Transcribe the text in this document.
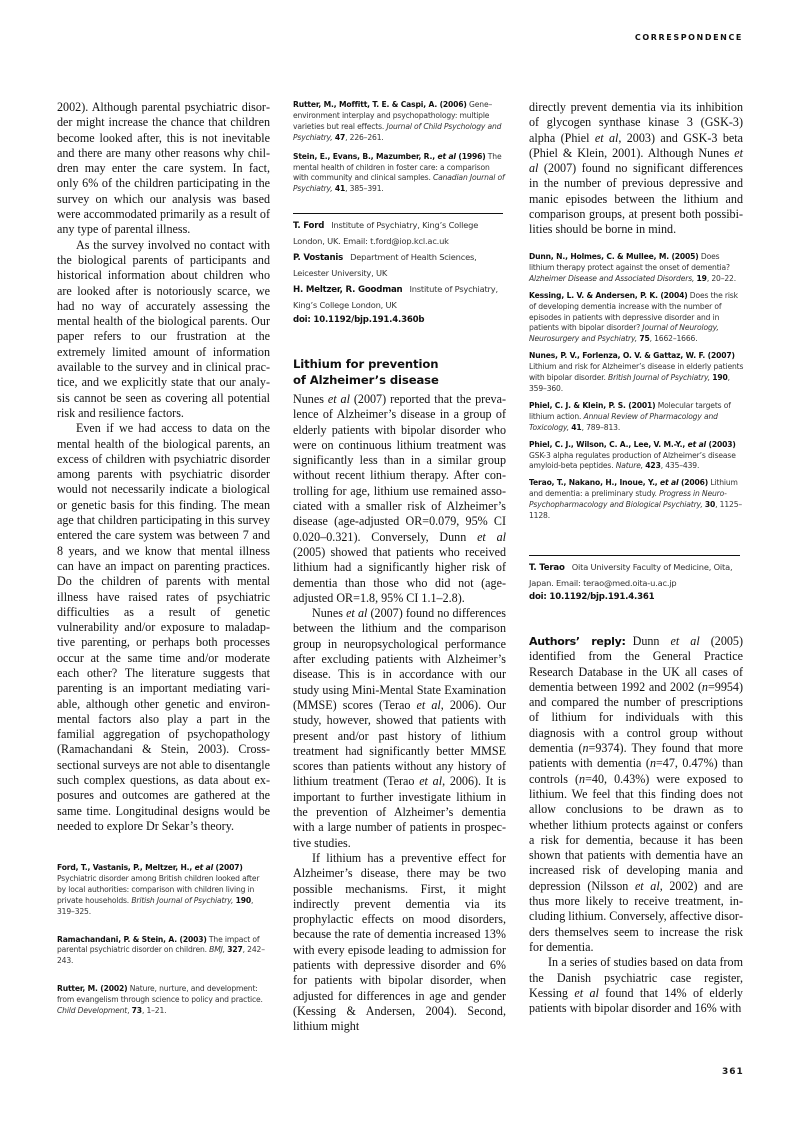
CORRESPONDENCE

2002). Although parental psychiatric disorder might increase the chance that children become looked after, this is not inevitable and there are many other reasons why children may enter the care system. In fact, only 6% of the children participating in the survey on which our analysis was based were accommodated primarily as a result of any type of parental illness.

As the survey involved no contact with the biological parents of participants and historical information about children who are looked after is notoriously scarce, we had no way of accurately assessing the mental health of the biological parents. Our paper refers to our frustration at the extremely limited amount of information available to the survey and in clinical practice, and we explicitly state that our analysis cannot be seen as covering all potential risk and resilience factors.

Even if we had access to data on the mental health of the biological parents, an excess of children with psychiatric disorder among parents with psychiatric disorder would not necessarily indicate a biological or genetic basis for this finding. The mean age that children participating in this survey entered the care system was between 7 and 8 years, and we know that mental illness can have an impact on parenting practices. Do the children of parents with mental illness have raised rates of psychiatric difficulties as a result of genetic vulnerability and/or exposure to maladaptive parenting, or perhaps both processes occur at the same time and/or moderate each other? The literature suggests that parenting is an important mediating variable, although other genetic and environmental factors also play a part in the familial aggregation of psychopathology (Ramachandani & Stein, 2003). Cross-sectional surveys are not able to disentangle such complex questions, as data about exposures and outcomes are gathered at the same time. Longitudinal designs would be needed to explore Dr Sekar’s theory.

Ford, T., Vastanis, P., Meltzer, H., et al (2007) Psychiatric disorder among British children looked after by local authorities: comparison with children living in private households. British Journal of Psychiatry, 190, 319–325.

Ramachandani, P. & Stein, A. (2003) The impact of parental psychiatric disorder on children. BMJ, 327, 242–243.

Rutter, M. (2002) Nature, nurture, and development: from evangelism through science to policy and practice. Child Development, 73, 1–21.

Rutter, M., Moffitt, T. E. & Caspi, A. (2006) Gene–environment interplay and psychopathology: multiple varieties but real effects. Journal of Child Psychology and Psychiatry, 47, 226–261.

Stein, E., Evans, B., Mazumber, R., et al (1996) The mental health of children in foster care: a comparison with community and clinical samples. Canadian Journal of Psychiatry, 41, 385–391.

T. Ford Institute of Psychiatry, King’s College London, UK. Email: t.ford@iop.kcl.ac.uk

P. Vostanis Department of Health Sciences, Leicester University, UK

H. Meltzer, R. Goodman Institute of Psychiatry, King’s College London, UK

doi: 10.1192/bjp.191.4.360b

Lithium for prevention

of Alzheimer’s disease

Nunes et al (2007) reported that the prevalence of Alzheimer’s disease in a group of elderly patients with bipolar disorder who were on continuous lithium treatment was significantly less than in a similar group without recent lithium therapy. After controlling for age, lithium use remained associated with a smaller risk of Alzheimer’s disease (age-adjusted OR=0.079, 95% CI 0.020–0.321). Conversely, Dunn et al (2005) showed that patients who received lithium had a significantly higher risk of dementia than those who did not (age-adjusted OR=1.8, 95% CI 1.1–2.8).

Nunes et al (2007) found no differences between the lithium and the comparison group in neuropsychological performance after excluding patients with Alzheimer’s disease. This is in accordance with our study using Mini-Mental State Examination (MMSE) scores (Terao et al, 2006). Our study, however, showed that patients with present and/or past history of lithium treatment had significantly better MMSE scores than patients without any history of lithium treatment (Terao et al, 2006). It is important to further investigate lithium in the prevention of Alzheimer’s dementia with a large number of patients in prospective studies.

If lithium has a preventive effect for Alzheimer’s disease, there may be two possible mechanisms. First, it might indirectly prevent dementia via its prophylactic effects on mood disorders, because the rate of dementia increased 13% with every episode leading to admission for patients with depressive disorder and 6% for patients with bipolar disorder, when adjusted for differences in age and gender (Kessing & Andersen, 2004). Second, lithium might

directly prevent dementia via its inhibition of glycogen synthase kinase 3 (GSK-3) alpha (Phiel et al, 2003) and GSK-3 beta (Phiel & Klein, 2001). Although Nunes et al (2007) found no significant differences in the number of previous depressive and manic episodes between the lithium and comparison groups, at present both possibilities should be borne in mind.

Dunn, N., Holmes, C. & Mullee, M. (2005) Does lithium therapy protect against the onset of dementia? Alzheimer Disease and Associated Disorders, 19, 20–22.

Kessing, L. V. & Andersen, P. K. (2004) Does the risk of developing dementia increase with the number of episodes in patients with depressive disorder and in patients with bipolar disorder? Journal of Neurology, Neurosurgery and Psychiatry, 75, 1662–1666.

Nunes, P. V., Forlenza, O. V. & Gattaz, W. F. (2007) Lithium and risk for Alzheimer’s disease in elderly patients with bipolar disorder. British Journal of Psychiatry, 190, 359–360.

Phiel, C. J. & Klein, P. S. (2001) Molecular targets of lithium action. Annual Review of Pharmacology and Toxicology, 41, 789–813.

Phiel, C. J., Wilson, C. A., Lee, V. M.-Y., et al (2003) GSK-3 alpha regulates production of Alzheimer’s disease amyloid-beta peptides. Nature, 423, 435–439.

Terao, T., Nakano, H., Inoue, Y., et al (2006) Lithium and dementia: a preliminary study. Progress in Neuro-Psychopharmacology and Biological Psychiatry, 30, 1125–1128.

T. Terao Oita University Faculty of Medicine, Oita, Japan. Email: terao@med.oita-u.ac.jp

doi: 10.1192/bjp.191.4.361

Authors’ reply: Dunn et al (2005) identified from the General Practice Research Database in the UK all cases of dementia between 1992 and 2002 (n=9954) and compared the number of prescriptions of lithium for individuals with this diagnosis with a control group without dementia (n=9374). They found that more patients with dementia (n=47, 0.47%) than controls (n=40, 0.43%) were exposed to lithium. We feel that this finding does not allow conclusions to be drawn as to whether lithium protects against or confers a risk for dementia, because it has been shown that patients with dementia have an increased risk of developing mania and depression (Nilsson et al, 2002) and are thus more likely to receive treatment, including lithium. Conversely, affective disorders themselves seem to increase the risk for dementia.

In a series of studies based on data from the Danish psychiatric case register, Kessing et al found that 14% of elderly patients with bipolar disorder and 16% with

361
